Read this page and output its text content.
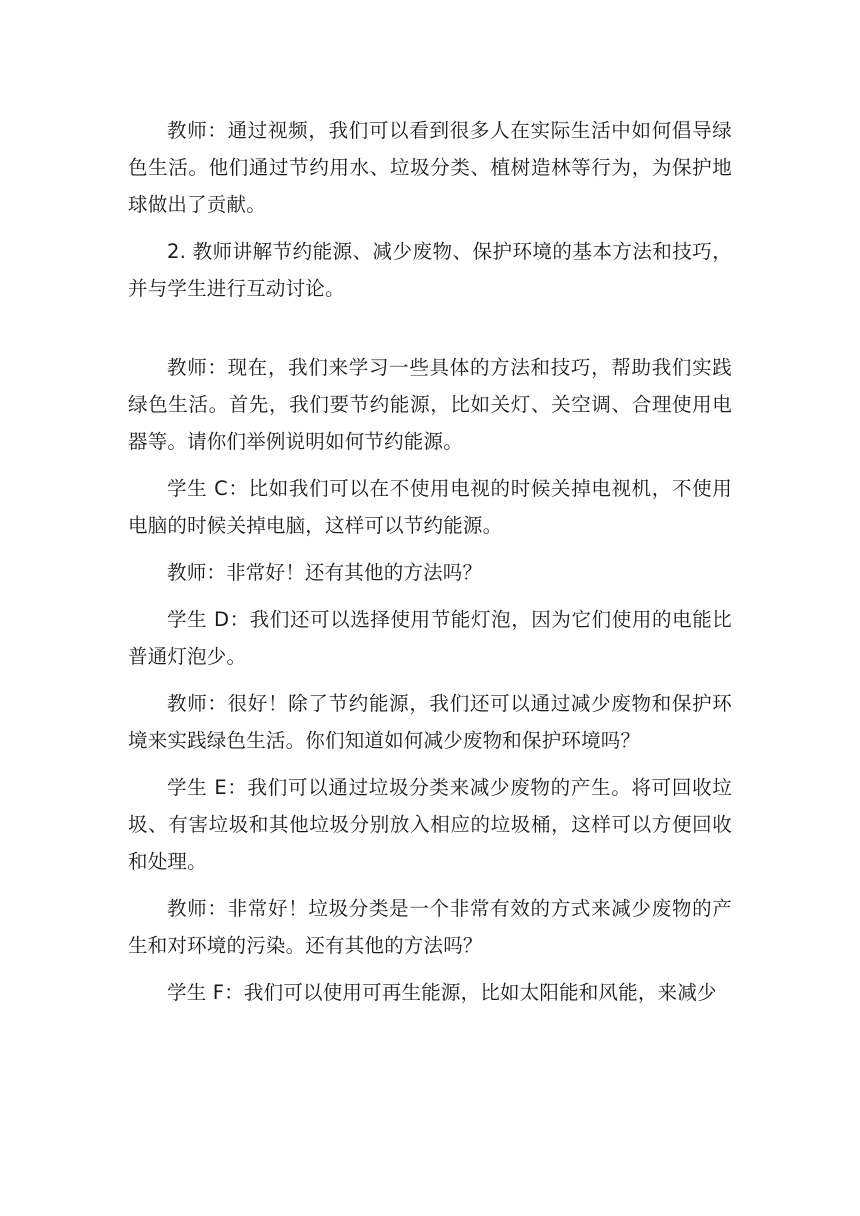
教师：通过视频，我们可以看到很多人在实际生活中如何倡导绿色生活。他们通过节约用水、垃圾分类、植树造林等行为，为保护地球做出了贡献。

2. 教师讲解节约能源、减少废物、保护环境的基本方法和技巧，并与学生进行互动讨论。

教师：现在，我们来学习一些具体的方法和技巧，帮助我们实践绿色生活。首先，我们要节约能源，比如关灯、关空调、合理使用电器等。请你们举例说明如何节约能源。

学生 C：比如我们可以在不使用电视的时候关掉电视机，不使用电脑的时候关掉电脑，这样可以节约能源。

教师：非常好！还有其他的方法吗？

学生 D：我们还可以选择使用节能灯泡，因为它们使用的电能比普通灯泡少。

教师：很好！除了节约能源，我们还可以通过减少废物和保护环境来实践绿色生活。你们知道如何减少废物和保护环境吗？

学生 E：我们可以通过垃圾分类来减少废物的产生。将可回收垃圾、有害垃圾和其他垃圾分别放入相应的垃圾桶，这样可以方便回收和处理。

教师：非常好！垃圾分类是一个非常有效的方式来减少废物的产生和对环境的污染。还有其他的方法吗？

学生 F：我们可以使用可再生能源，比如太阳能和风能，来减少
